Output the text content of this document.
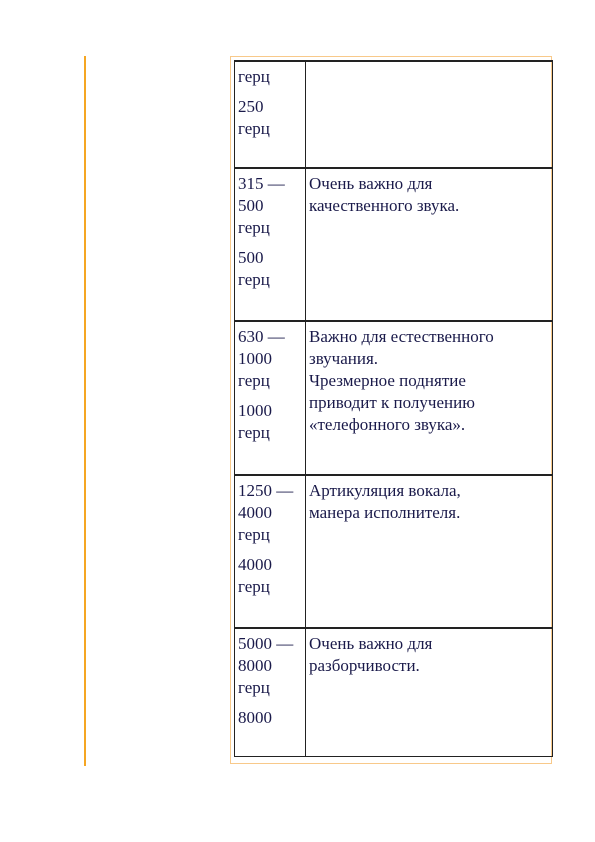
герц
250
герц	

315 —
500
герц
500
герц	Очень важно для
качественного звука.

630 —
1000
герц
1000
герц	Важно для естественного
звучания.
Чрезмерное поднятие
приводит к получению
«телефонного звука».

1250 —
4000
герц
4000
герц	Артикуляция вокала,
манера исполнителя.

5000 —
8000
герц
8000	Очень важно для
разборчивости.
